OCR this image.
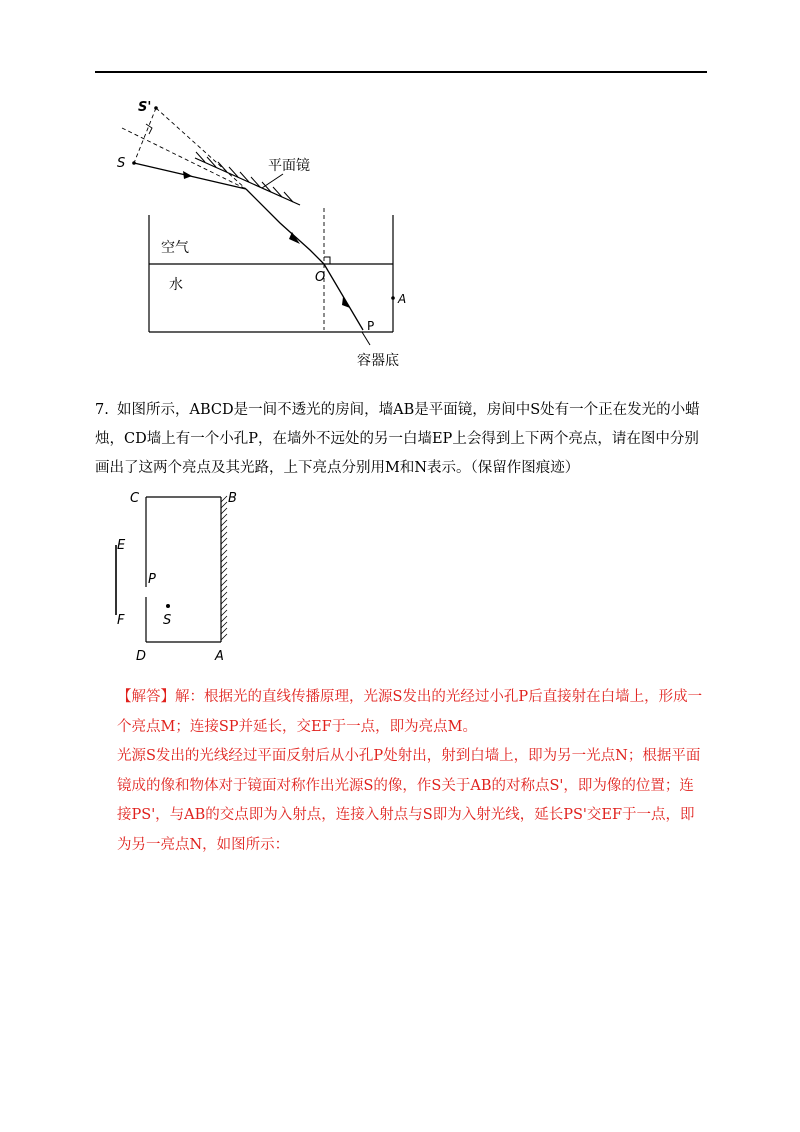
S'
S	平面镜
空气
水	O
A
P
容器底
7. 如图所示，ABCD是一间不透光的房间，墙AB是平面镜，房间中S处有一个正在发光的小蜡烛，CD墙上有一个小孔P，在墙外不远处的另一白墙EP上会得到上下两个亮点，请在图中分别画出了这两个亮点及其光路，上下亮点分别用M和N表示。（保留作图痕迹）
C	B
E
P
S
F
D	A

【解答】解：根据光的直线传播原理，光源S发出的光经过小孔P后直接射在白墙上，形成一个亮点M；连接SP并延长，交EF于一点，即为亮点M。

光源S发出的光线经过平面反射后从小孔P处射出，射到白墙上，即为另一光点N；根据平面镜成的像和物体对于镜面对称作出光源S的像，作S关于AB的对称点S'，即为像的位置；连接PS'，与AB的交点即为入射点，连接入射点与S即为入射光线，延长PS'交EF于一点，即为另一亮点N，如图所示：
